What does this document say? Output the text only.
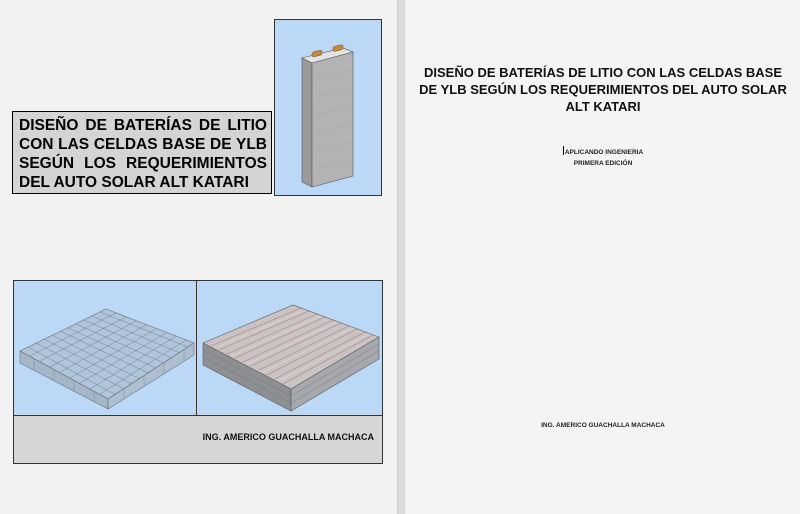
DISEÑO DE BATERÍAS DE LITIO CON LAS CELDAS BASE DE YLB SEGÚN LOS REQUERIMIENTOS DEL AUTO SOLAR ALT KATARI

ING. AMERICO GUACHALLA MACHACA

DISEÑO DE BATERÍAS DE LITIO CON LAS CELDAS BASE DE YLB SEGÚN LOS REQUERIMIENTOS DEL AUTO SOLAR ALT KATARI

APLICANDO INGENIERIA
PRIMERA EDICIÓN
ING. AMERICO GUACHALLA MACHACA
